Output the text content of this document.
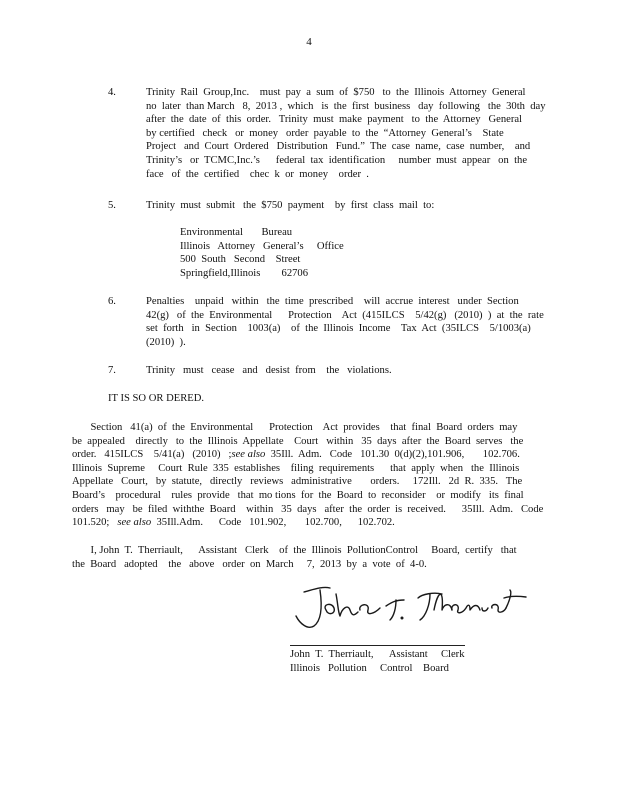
4
4.	Trinity  Rail  Group,Inc.    must  pay  a  sum  of  $750   to  the  Illinois  Attorney  General
no  later  than March   8,  2013 ,  which   is  the  first  business   day  following   the  30th  day
after  the  date  of  this  order.   Trinity  must  make  payment   to  the  Attorney   General
by certified   check   or  money   order  payable  to  the  “Attorney  General’s    State
Project   and  Court  Ordered   Distribution   Fund.”  The  case  name,  case  number,    and
Trinity’s   or  TCMC,Inc.’s      federal  tax  identification     number  must  appear   on  the
face   of  the  certified    chec  k  or  money    order  .
5.	Trinity  must  submit   the  $750  payment    by  first  class  mail  to:
Environmental       Bureau
Illinois   Attorney   General’s     Office
500  South   Second    Street
Springfield,Illinois        62706
6.	Penalties    unpaid   within   the  time  prescribed    will  accrue  interest   under  Section
42(g)   of  the  Environmental      Protection    Act  (415ILCS    5/42(g)   (2010)  )  at  the  rate
set  forth   in  Section    1003(a)    of  the  Illinois  Income    Tax  Act  (35ILCS    5/1003(a)
(2010)  ).
7.	Trinity   must   cease   and   desist  from    the   violations.
IT IS SO OR DERED.
Section   41(a)  of  the  Environmental      Protection    Act  provides    that  final  Board  orders  may
be  appealed    directly   to  the  Illinois  Appellate    Court   within   35  days  after  the  Board  serves   the
order.   415ILCS    5/41(a)   (2010)   ;see also  35Ill.  Adm.   Code   101.30  0(d)(2),101.906,       102.706.
Illinois  Supreme     Court  Rule  335  establishes    filing  requirements      that  apply  when   the  Illinois
Appellate   Court,   by  statute,   directly   reviews   administrative       orders.     172Ill.   2d  R.  335.   The
Board’s    procedural    rules  provide   that  mo tions  for  the  Board  to  reconsider    or  modify   its  final
orders   may   be  filed  withthe  Board    within   35  days   after  the  order  is  received.      35Ill.  Adm.   Code
101.520;   see also  35Ill.Adm.      Code   101.902,       102.700,      102.702.
I, John  T.  Therriault,      Assistant   Clerk    of  the  Illinois  PollutionControl     Board,  certify   that
the  Board   adopted    the   above   order  on  March     7,  2013  by  a  vote  of  4-0.
John  T.  Therriault,      Assistant     Clerk
Illinois   Pollution     Control    Board
